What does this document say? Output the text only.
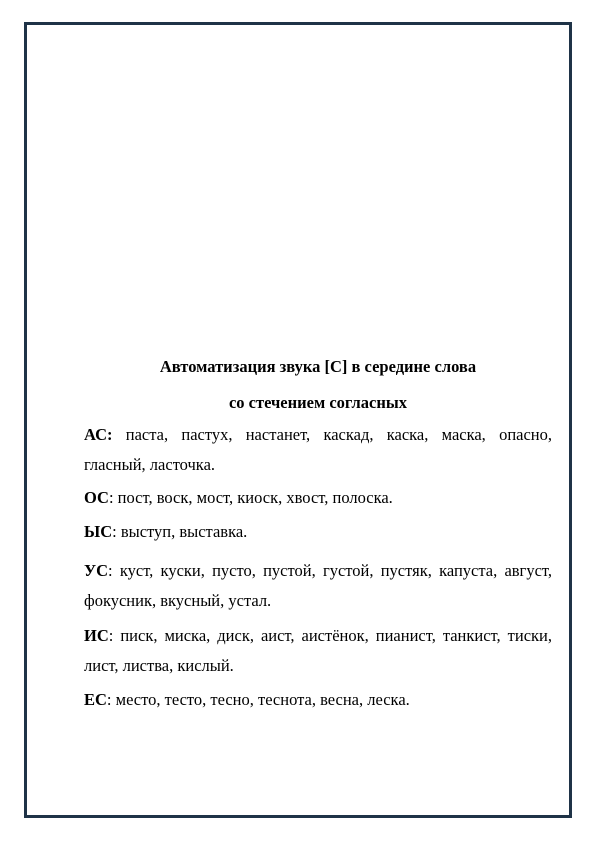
Автоматизация звука [С] в середине слова

со стечением согласных

АС: паста, пастух, настанет, каскад, каска, маска, опасно, гласный, ласточка.

ОС: пост, воск, мост, киоск, хвост, полоска.

ЫС: выступ, выставка.

УС: куст, куски, пусто, пустой, густой, пустяк, капуста, август, фокусник, вкусный, устал.

ИС: писк, миска, диск, аист, аистёнок, пианист, танкист, тиски, лист, листва, кислый.

ЕС: место, тесто, тесно, теснота, весна, леска.
